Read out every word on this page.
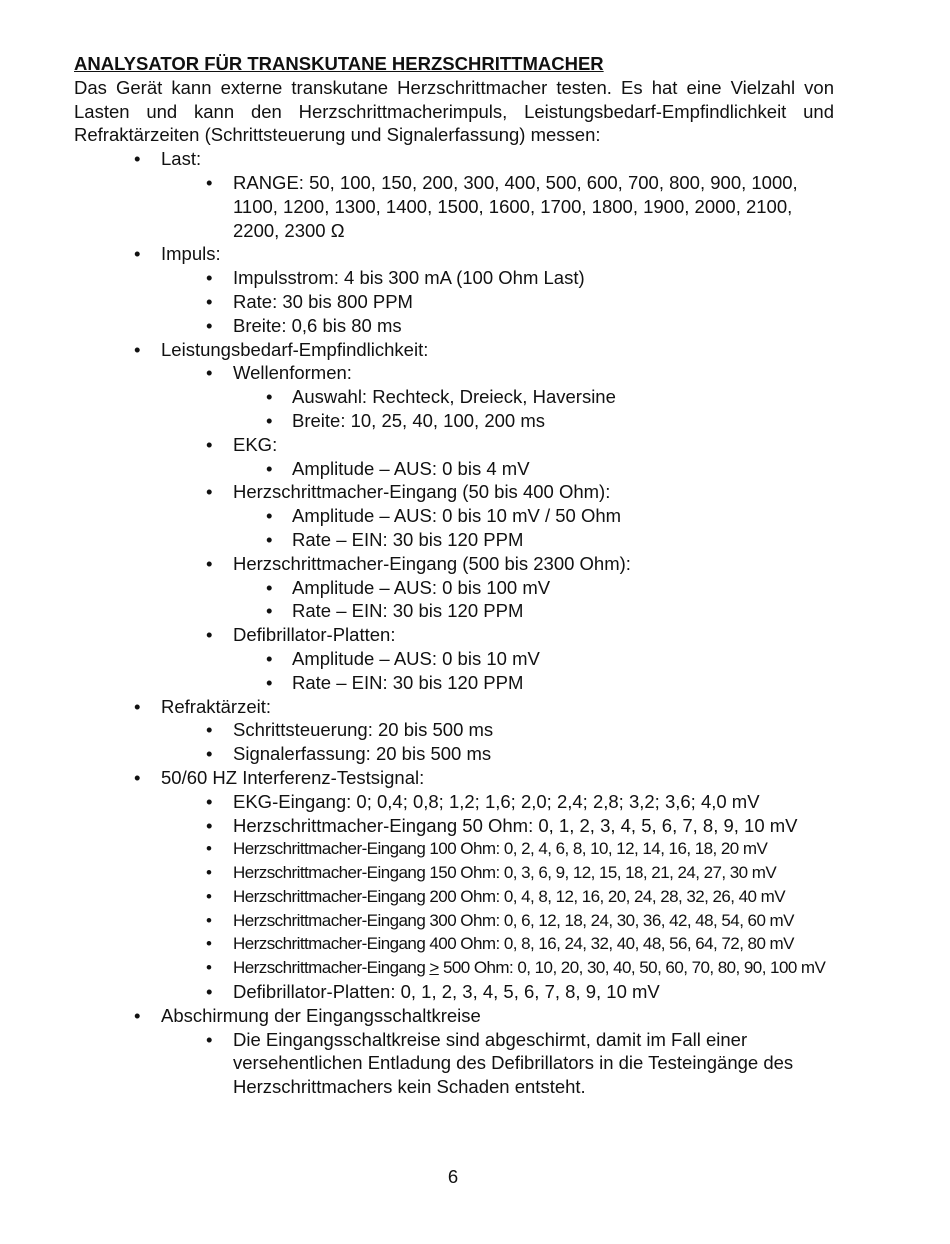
ANALYSATOR FÜR TRANSKUTANE HERZSCHRITTMACHER
Das Gerät kann externe transkutane Herzschrittmacher testen. Es hat eine Vielzahl von Lasten und kann den Herzschrittmacherimpuls, Leistungsbedarf-Empfindlichkeit und Refraktärzeiten (Schrittsteuerung und Signalerfassung) messen:
• Last:
• RANGE: 50, 100, 150, 200, 300, 400, 500, 600, 700, 800, 900, 1000, 1100, 1200, 1300, 1400, 1500, 1600, 1700, 1800, 1900, 2000, 2100, 2200, 2300 Ω
• Impuls:
• Impulsstrom: 4 bis 300 mA (100 Ohm Last)
• Rate: 30 bis 800 PPM
• Breite: 0,6 bis 80 ms
• Leistungsbedarf-Empfindlichkeit:
• Wellenformen:
• Auswahl: Rechteck, Dreieck, Haversine
• Breite: 10, 25, 40, 100, 200 ms
• EKG:
• Amplitude – AUS: 0 bis 4 mV
• Herzschrittmacher-Eingang (50 bis 400 Ohm):
• Amplitude – AUS: 0 bis 10 mV / 50 Ohm
• Rate – EIN: 30 bis 120 PPM
• Herzschrittmacher-Eingang (500 bis 2300 Ohm):
• Amplitude – AUS: 0 bis 100 mV
• Rate – EIN: 30 bis 120 PPM
• Defibrillator-Platten:
• Amplitude – AUS: 0 bis 10 mV
• Rate – EIN: 30 bis 120 PPM
• Refraktärzeit:
• Schrittsteuerung: 20 bis 500 ms
• Signalerfassung: 20 bis 500 ms
• 50/60 HZ Interferenz-Testsignal:
• EKG-Eingang: 0; 0,4; 0,8; 1,2; 1,6; 2,0; 2,4; 2,8; 3,2; 3,6; 4,0 mV
• Herzschrittmacher-Eingang 50 Ohm: 0, 1, 2, 3, 4, 5, 6, 7, 8, 9, 10 mV
• Herzschrittmacher-Eingang 100 Ohm: 0, 2, 4, 6, 8, 10, 12, 14, 16, 18, 20 mV
• Herzschrittmacher-Eingang 150 Ohm: 0, 3, 6, 9, 12, 15, 18, 21, 24, 27, 30 mV
• Herzschrittmacher-Eingang 200 Ohm: 0, 4, 8, 12, 16, 20, 24, 28, 32, 26, 40 mV
• Herzschrittmacher-Eingang 300 Ohm: 0, 6, 12, 18, 24, 30, 36, 42, 48, 54, 60 mV
• Herzschrittmacher-Eingang 400 Ohm: 0, 8, 16, 24, 32, 40, 48, 56, 64, 72, 80 mV
• Herzschrittmacher-Eingang ≥ 500 Ohm: 0, 10, 20, 30, 40, 50, 60, 70, 80, 90, 100 mV
• Defibrillator-Platten: 0, 1, 2, 3, 4, 5, 6, 7, 8, 9, 10 mV
• Abschirmung der Eingangsschaltkreise
• Die Eingangsschaltkreise sind abgeschirmt, damit im Fall einer versehentlichen Entladung des Defibrillators in die Testeingänge des Herzschrittmachers kein Schaden entsteht.
6
